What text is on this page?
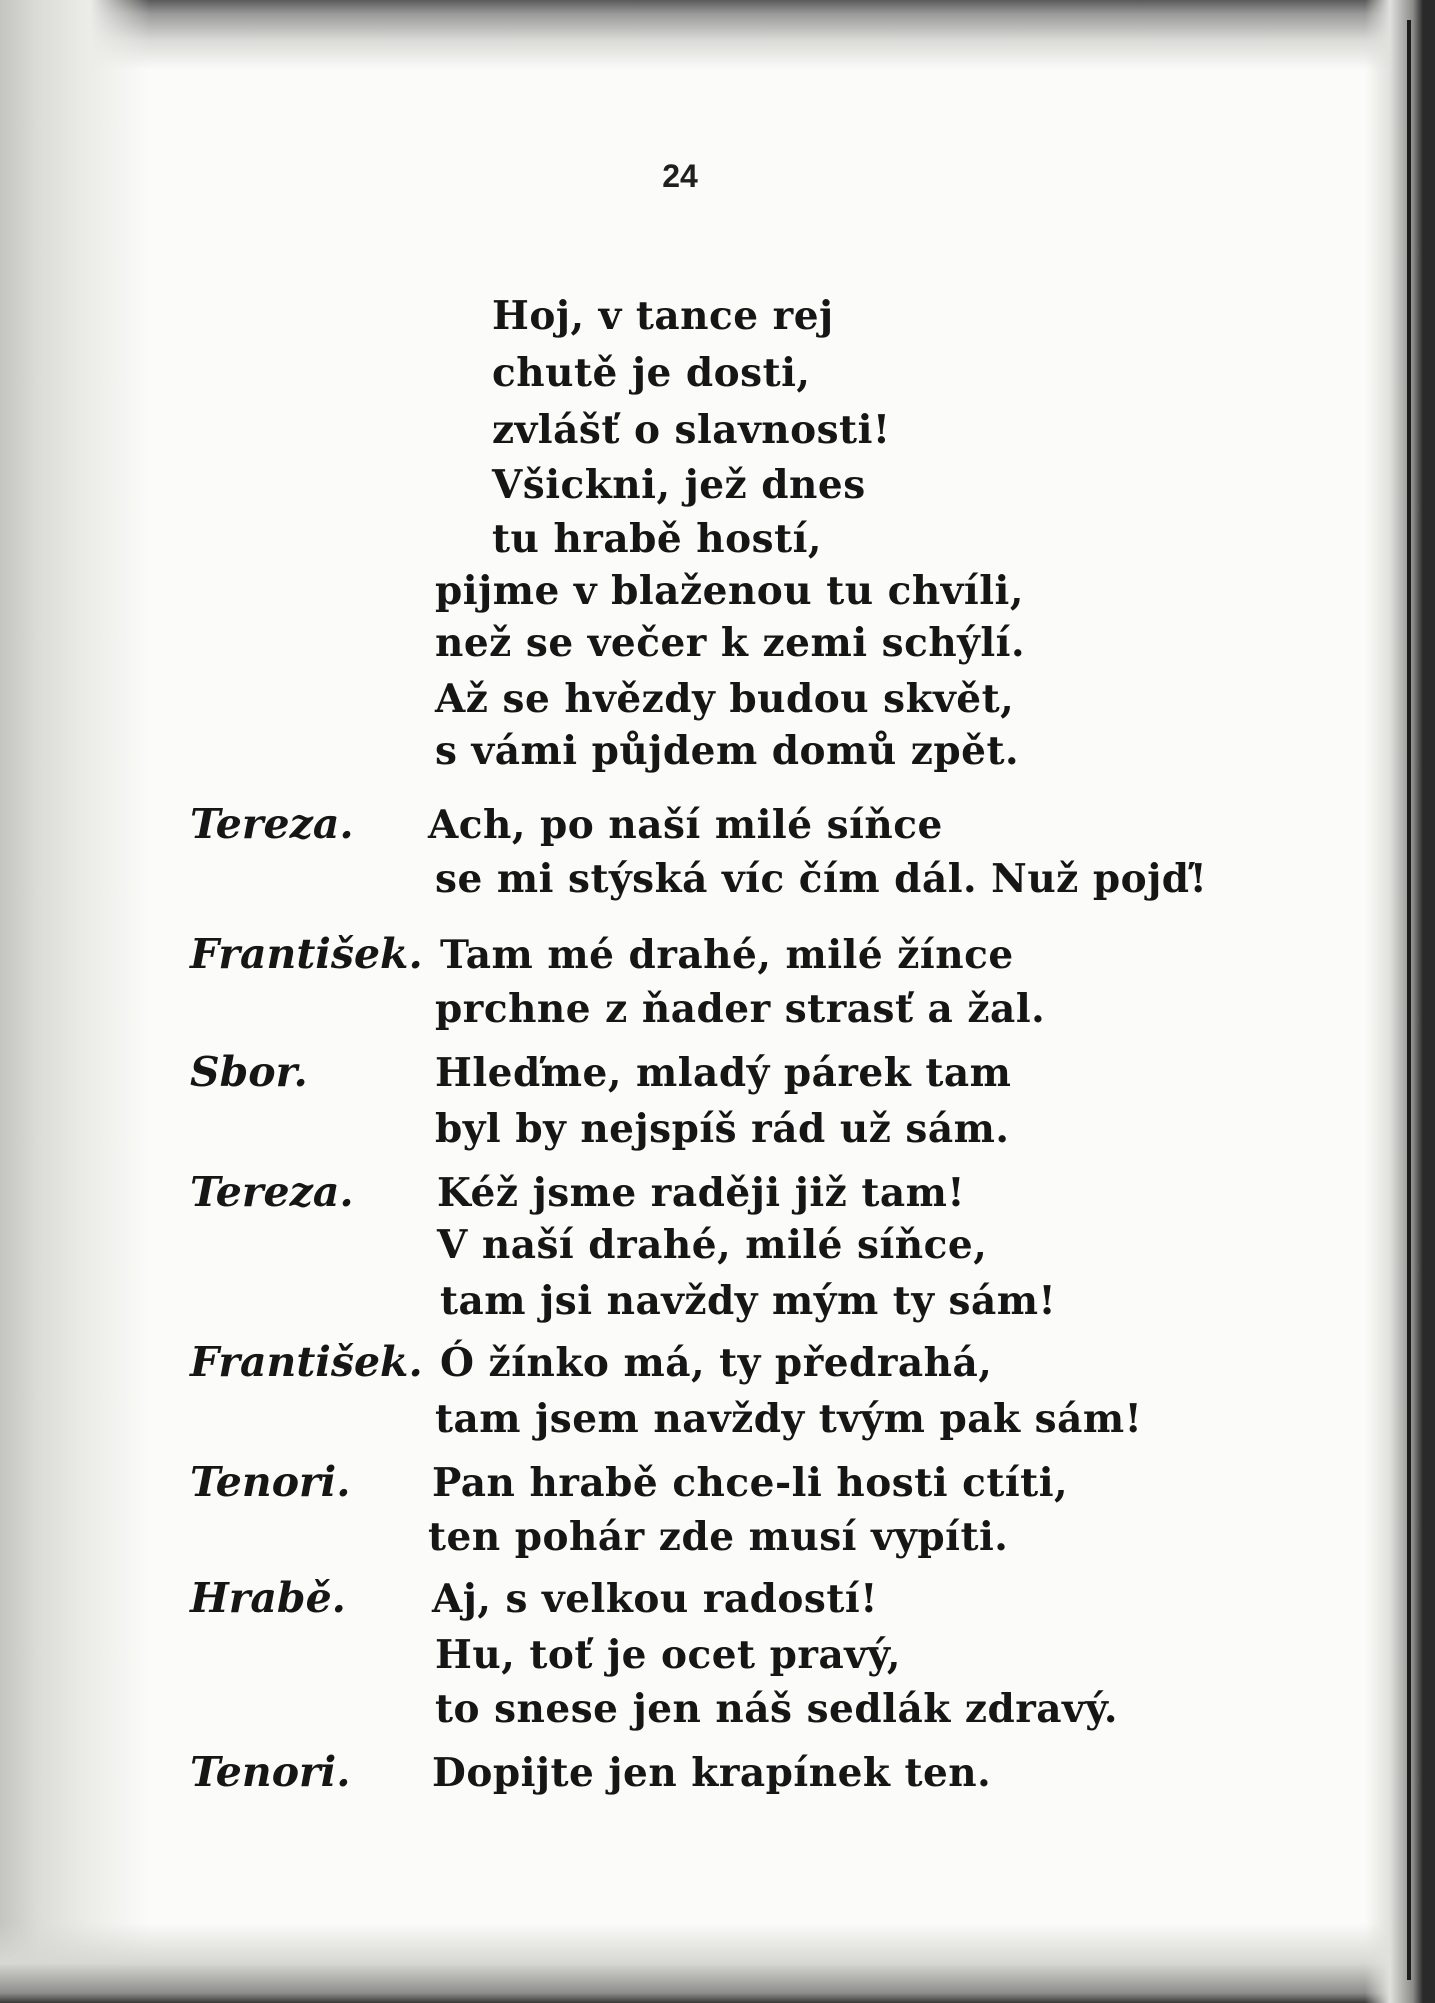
24
Hoj, v tance rej
chutě je dosti,
zvlášť o slavnosti!
Všickni, jež dnes
tu hrabě hostí,
pijme v blaženou tu chvíli,
než se večer k zemi schýlí.
Až se hvězdy budou skvět,
s vámi půjdem domů zpět.
Tereza. Ach, po naší milé síňce
se mi stýská víc čím dál. Nuž pojď!
František. Tam mé drahé, milé žínce
prchne z ňader strasť a žal.
Sbor.	Hleďme, mladý párek tam
byl by nejspíš rád už sám.
Tereza. Kéž jsme raději již tam!
V naší drahé, milé síňce,
tam jsi navždy mým ty sám!
František. Ó žínko má, ty předrahá,
tam jsem navždy tvým pak sám!
Tenori. Pan hrabě chce-li hosti ctíti,
ten pohár zde musí vypíti.
Hrabě. Aj, s velkou radostí!
Hu, toť je ocet pravý,
to snese jen náš sedlák zdravý.
Tenori. Dopijte jen krapínek ten.
